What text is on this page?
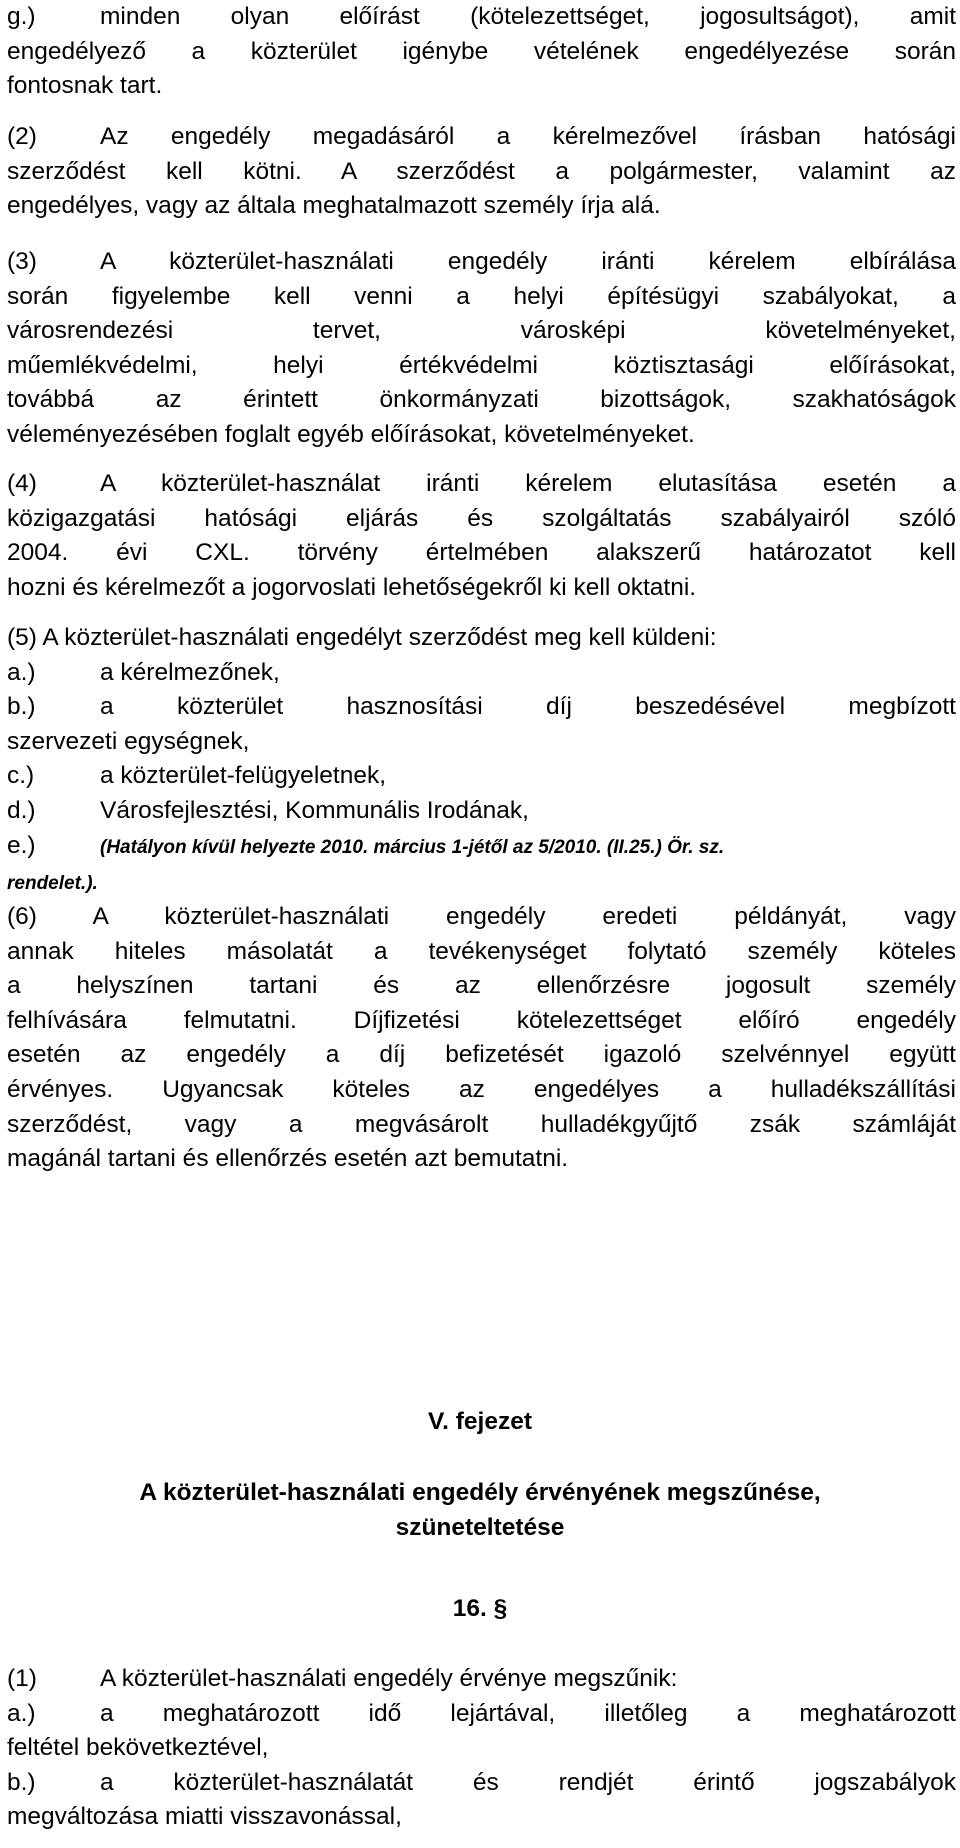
g.)	minden olyan előírást (kötelezettséget, jogosultságot), amit
engedélyező a közterület igénybe vételének engedélyezése során
fontosnak tart.
(2)	Az engedély megadásáról a kérelmezővel írásban hatósági
szerződést kell kötni. A szerződést a polgármester, valamint az
engedélyes, vagy az általa meghatalmazott személy írja alá.
(3)	A közterület-használati engedély iránti kérelem elbírálása
során figyelembe kell venni a helyi építésügyi szabályokat, a
városrendezési tervet, városképi követelményeket,
műemlékvédelmi, helyi értékvédelmi köztisztasági előírásokat,
továbbá az érintett önkormányzati bizottságok, szakhatóságok
véleményezésében foglalt egyéb előírásokat, követelményeket.
(4)	A közterület-használat iránti kérelem elutasítása esetén a
közigazgatási hatósági eljárás és szolgáltatás szabályairól szóló
2004. évi CXL. törvény értelmében alakszerű határozatot kell
hozni és kérelmezőt a jogorvoslati lehetőségekről ki kell oktatni.
(5) A közterület-használati engedélyt szerződést meg kell küldeni:
a.)	a kérelmezőnek,
b.)	a közterület hasznosítási díj beszedésével megbízott
szervezeti egységnek,
c.)	a közterület-felügyeletnek,
d.)	Városfejlesztési, Kommunális Irodának,
e.)	(Hatályon kívül helyezte 2010. március 1-jétől az 5/2010. (II.25.) Ör. sz.
rendelet.).
(6) A közterület-használati engedély eredeti példányát, vagy
annak hiteles másolatát a tevékenységet folytató személy köteles
a helyszínen tartani és az ellenőrzésre jogosult személy
felhívására felmutatni. Díjfizetési kötelezettséget előíró engedély
esetén az engedély a díj befizetését igazoló szelvénnyel együtt
érvényes. Ugyancsak köteles az engedélyes a hulladékszállítási
szerződést, vagy a megvásárolt hulladékgyűjtő zsák számláját
magánál tartani és ellenőrzés esetén azt bemutatni.
V. fejezet
A közterület-használati engedély érvényének megszűnése,
szüneteltetése
16. §
(1)	A közterület-használati engedély érvénye megszűnik:
a.)	a meghatározott idő lejártával, illetőleg a meghatározott
feltétel bekövetkeztével,
b.)	a közterület-használatát és rendjét érintő jogszabályok
megváltozása miatti visszavonással,
